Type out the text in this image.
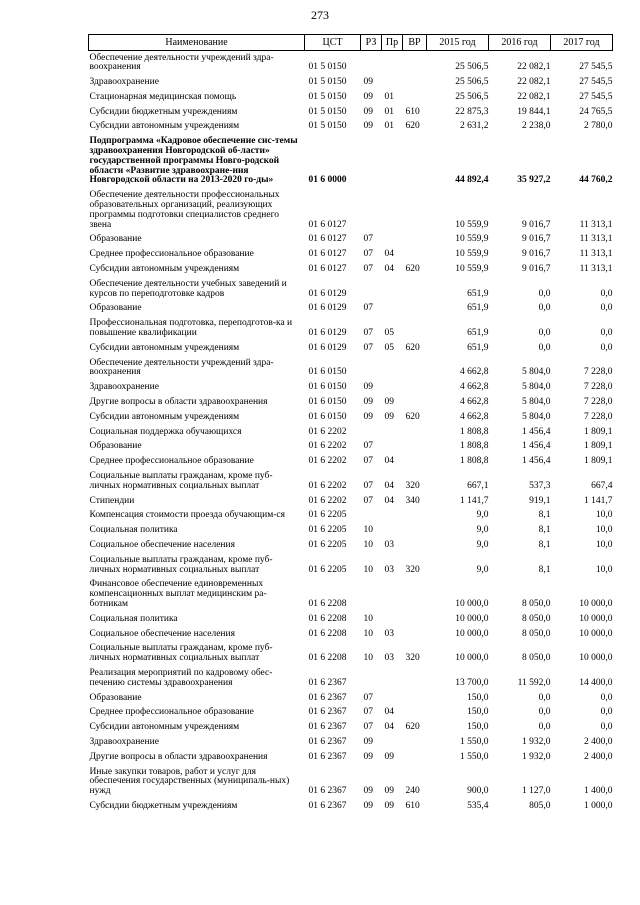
273
Наименование	ЦСТ	РЗ	Пр	ВР	2015 год	2016 год	2017 год
Обеспечение деятельности учреждений здра-воохранения	01 5 0150				25 506,5	22 082,1	27 545,5
Здравоохранение	01 5 0150	09			25 506,5	22 082,1	27 545,5
Стационарная медицинская помощь	01 5 0150	09	01		25 506,5	22 082,1	27 545,5
Субсидии бюджетным учреждениям	01 5 0150	09	01	610	22 875,3	19 844,1	24 765,5
Субсидии автономным учреждениям	01 5 0150	09	01	620	2 631,2	2 238,0	2 780,0
Подпрограмма «Кадровое обеспечение сис-темы здравоохранения Новгородской об-ласти» государственной программы Новго-родской области «Развитие здравоохране-ния Новгородской области на 2013-2020 го-ды»	01 6 0000				44 892,4	35 927,2	44 760,2
Обеспечение деятельности профессиональных образовательных организаций, реализующих программы подготовки специалистов среднего звена	01 6 0127				10 559,9	9 016,7	11 313,1
Образование	01 6 0127	07			10 559,9	9 016,7	11 313,1
Среднее профессиональное образование	01 6 0127	07	04		10 559,9	9 016,7	11 313,1
Субсидии автономным учреждениям	01 6 0127	07	04	620	10 559,9	9 016,7	11 313,1
Обеспечение деятельности учебных заведений и курсов по переподготовке кадров	01 6 0129				651,9	0,0	0,0
Образование	01 6 0129	07			651,9	0,0	0,0
Профессиональная подготовка, переподготов-ка и повышение квалификации	01 6 0129	07	05		651,9	0,0	0,0
Субсидии автономным учреждениям	01 6 0129	07	05	620	651,9	0,0	0,0
Обеспечение деятельности учреждений здра-воохранения	01 6 0150				4 662,8	5 804,0	7 228,0
Здравоохранение	01 6 0150	09			4 662,8	5 804,0	7 228,0
Другие вопросы в области здравоохранения	01 6 0150	09	09		4 662,8	5 804,0	7 228,0
Субсидии автономным учреждениям	01 6 0150	09	09	620	4 662,8	5 804,0	7 228,0
Социальная поддержка обучающихся	01 6 2202				1 808,8	1 456,4	1 809,1
Образование	01 6 2202	07			1 808,8	1 456,4	1 809,1
Среднее профессиональное образование	01 6 2202	07	04		1 808,8	1 456,4	1 809,1
Социальные выплаты гражданам, кроме пуб-личных нормативных социальных выплат	01 6 2202	07	04	320	667,1	537,3	667,4
Стипендии	01 6 2202	07	04	340	1 141,7	919,1	1 141,7
Компенсация стоимости проезда обучающим-ся	01 6 2205				9,0	8,1	10,0
Социальная политика	01 6 2205	10			9,0	8,1	10,0
Социальное обеспечение населения	01 6 2205	10	03		9,0	8,1	10,0
Социальные выплаты гражданам, кроме пуб-личных нормативных социальных выплат	01 6 2205	10	03	320	9,0	8,1	10,0
Финансовое обеспечение единовременных компенсационных выплат медицинским ра-ботникам	01 6 2208				10 000,0	8 050,0	10 000,0
Социальная политика	01 6 2208	10			10 000,0	8 050,0	10 000,0
Социальное обеспечение населения	01 6 2208	10	03		10 000,0	8 050,0	10 000,0
Социальные выплаты гражданам, кроме пуб-личных нормативных социальных выплат	01 6 2208	10	03	320	10 000,0	8 050,0	10 000,0
Реализация мероприятий по кадровому обес-печению системы здравоохранения	01 6 2367				13 700,0	11 592,0	14 400,0
Образование	01 6 2367	07			150,0	0,0	0,0
Среднее профессиональное образование	01 6 2367	07	04		150,0	0,0	0,0
Субсидии автономным учреждениям	01 6 2367	07	04	620	150,0	0,0	0,0
Здравоохранение	01 6 2367	09			1 550,0	1 932,0	2 400,0
Другие вопросы в области здравоохранения	01 6 2367	09	09		1 550,0	1 932,0	2 400,0
Иные закупки товаров, работ и услуг для обеспечения государственных (муниципаль-ных) нужд	01 6 2367	09	09	240	900,0	1 127,0	1 400,0
Субсидии бюджетным учреждениям	01 6 2367	09	09	610	535,4	805,0	1 000,0
